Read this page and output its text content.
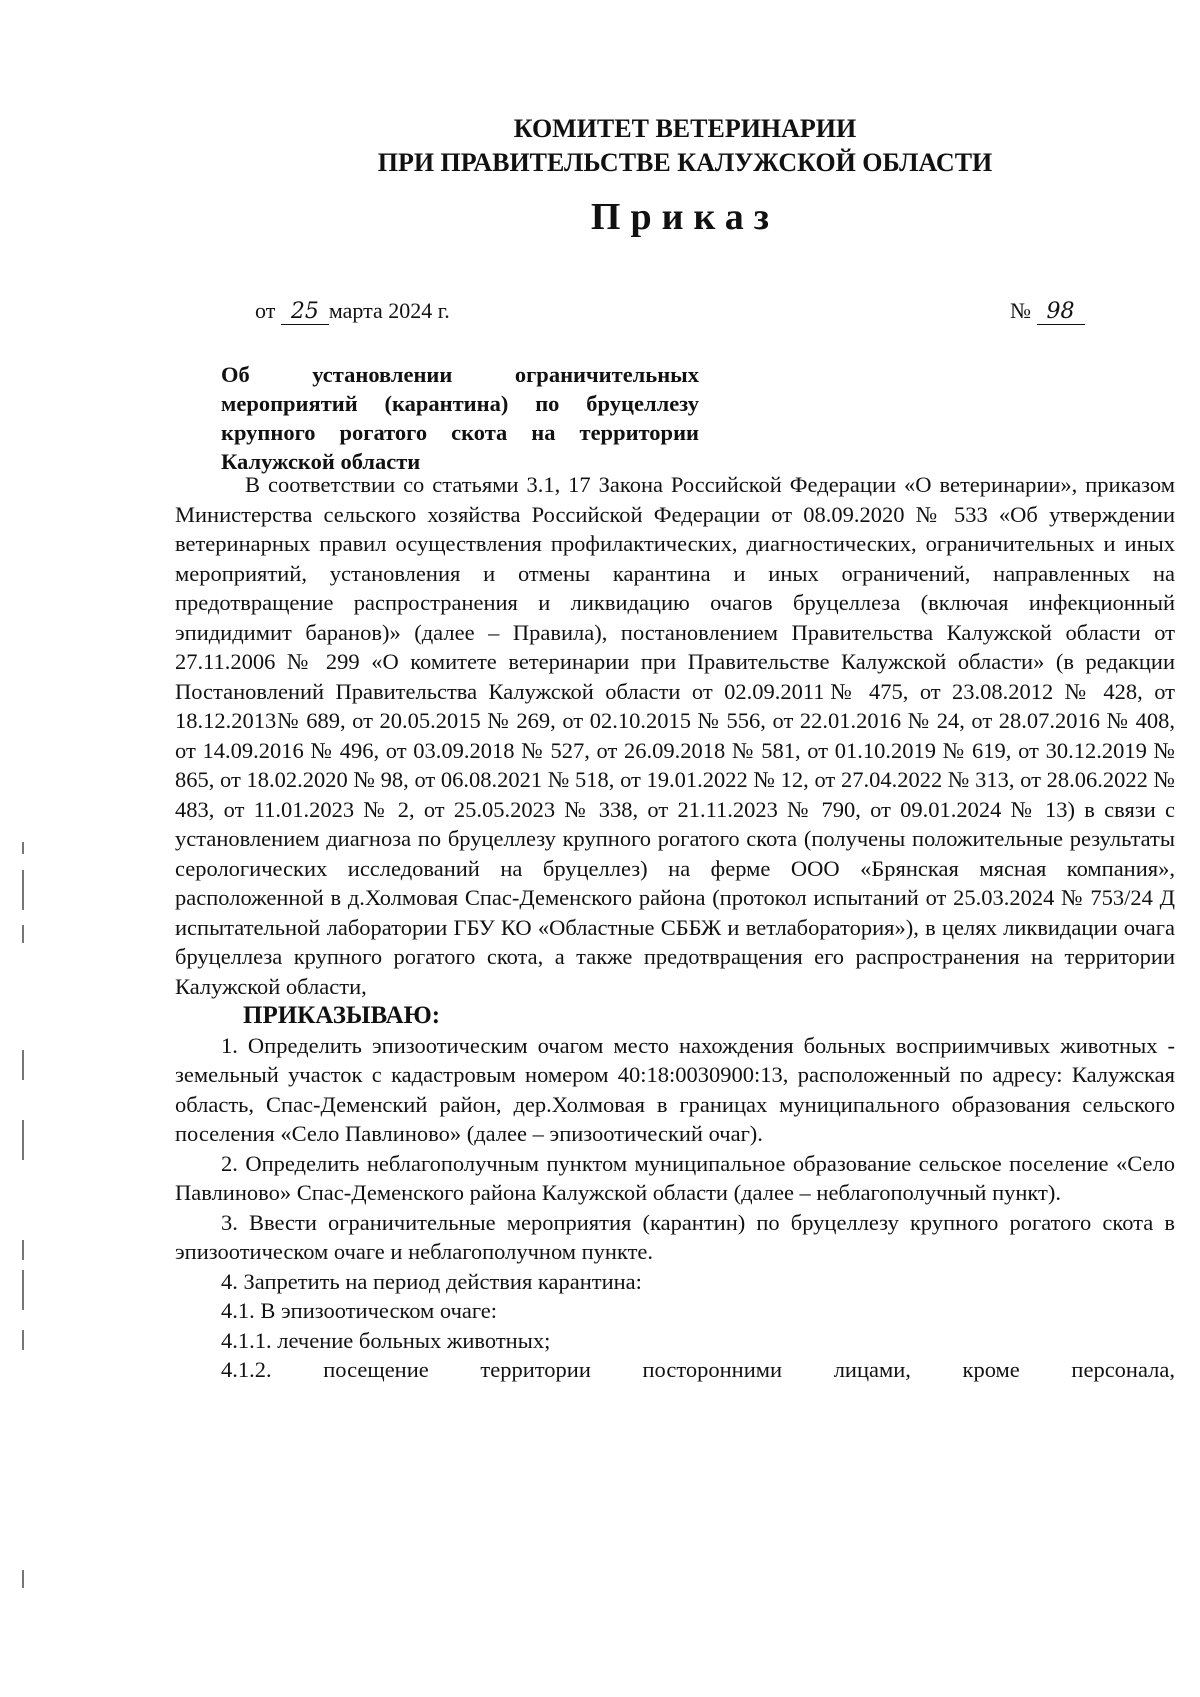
КОМИТЕТ ВЕТЕРИНАРИИ
ПРИ ПРАВИТЕЛЬСТВЕ КАЛУЖСКОЙ ОБЛАСТИ
Приказ
от 25 марта 2024 г.	№ 98
Об установлении ограничительных мероприятий (карантина) по бруцеллезу крупного рогатого скота на территории Калужской области

В соответствии со статьями 3.1, 17 Закона Российской Федерации «О ветеринарии», приказом Министерства сельского хозяйства Российской Федерации от 08.09.2020 № 533 «Об утверждении ветеринарных правил осуществления профилактических, диагностических, ограничительных и иных мероприятий, установления и отмены карантина и иных ограничений, направленных на предотвращение распространения и ликвидацию очагов бруцеллеза (включая инфекционный эпидидимит баранов)» (далее – Правила), постановлением Правительства Калужской области от 27.11.2006 № 299 «О комитете ветеринарии при Правительстве Калужской области» (в редакции Постановлений Правительства Калужской области от 02.09.2011№ 475, от 23.08.2012 № 428, от 18.12.2013№ 689, от 20.05.2015 № 269, от 02.10.2015 № 556, от 22.01.2016 № 24, от 28.07.2016 № 408, от 14.09.2016 № 496, от 03.09.2018 № 527, от 26.09.2018 № 581, от 01.10.2019 № 619, от 30.12.2019 № 865, от 18.02.2020 № 98, от 06.08.2021 № 518, от 19.01.2022 № 12, от 27.04.2022 № 313, от 28.06.2022 № 483, от 11.01.2023 № 2, от 25.05.2023 № 338, от 21.11.2023 № 790, от 09.01.2024 № 13) в связи с установлением диагноза по бруцеллезу крупного рогатого скота (получены положительные результаты серологических исследований на бруцеллез) на ферме ООО «Брянская мясная компания», расположенной в д.Холмовая Спас-Деменского района (протокол испытаний от 25.03.2024 № 753/24 Д испытательной лаборатории ГБУ КО «Областные СББЖ и ветлаборатория»), в целях ликвидации очага бруцеллеза крупного рогатого скота, а также предотвращения его распространения на территории Калужской области,

ПРИКАЗЫВАЮ:

1. Определить эпизоотическим очагом место нахождения больных восприимчивых животных - земельный участок с кадастровым номером 40:18:0030900:13, расположенный по адресу: Калужская область, Спас-Деменский район, дер.Холмовая в границах муниципального образования сельского поселения «Село Павлиново» (далее – эпизоотический очаг).

2. Определить неблагополучным пунктом муниципальное образование сельское поселение «Село Павлиново» Спас-Деменского района Калужской области (далее – неблагополучный пункт).

3. Ввести ограничительные мероприятия (карантин) по бруцеллезу крупного рогатого скота в эпизоотическом очаге и неблагополучном пункте.

4. Запретить на период действия карантина:

4.1. В эпизоотическом очаге:

4.1.1. лечение больных животных;

4.1.2. посещение территории посторонними лицами, кроме персонала,
